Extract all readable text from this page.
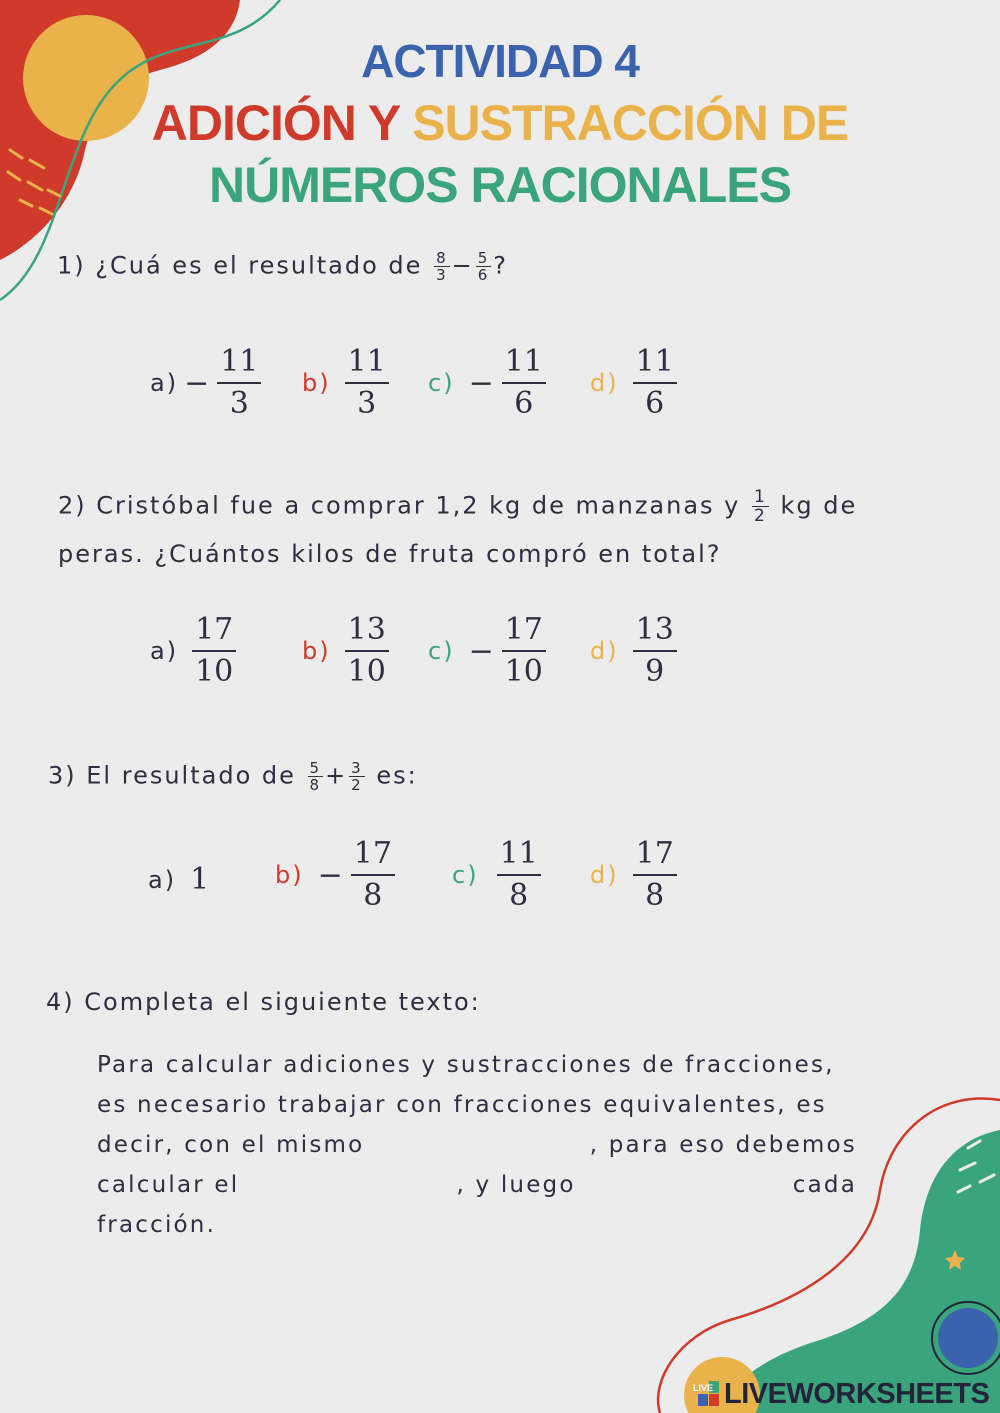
ACTIVIDAD 4
ADICIÓN Y SUSTRACCIÓN DE
NÚMEROS RACIONALES
1) ¿Cuá es el resultado de $\frac{8}{3} - \frac{5}{6}$ ?
$a) - \frac{11}{3} b) \frac{11}{3} c) - \frac{11}{6} d) \frac{11}{6}$
2) Cristóbal fue a comprar 1,2 kg de manzanas y $\frac{1}{2}$ kg de
peras. ¿Cuántos kilos de fruta compró en total?
$a) \frac{17}{10}$	$b) \frac{13}{10} c) - \frac{17}{10} d) \frac{13}{9}$
3) El resultado de $\frac{5}{8} + \frac{3}{2}$ es:
a) 1	$b) - \frac{17}{8} c) \frac{11}{8} d) \frac{17}{8}$
4) Completa el siguiente texto:
Para calcular adiciones y sustracciones de fracciones,
es necesario trabajar con fracciones equivalentes, es
decir, con el mismo	, para eso debemos
calcular el	, y luego	cada
fracción.
LIVE LIVEWORKSHEETS
